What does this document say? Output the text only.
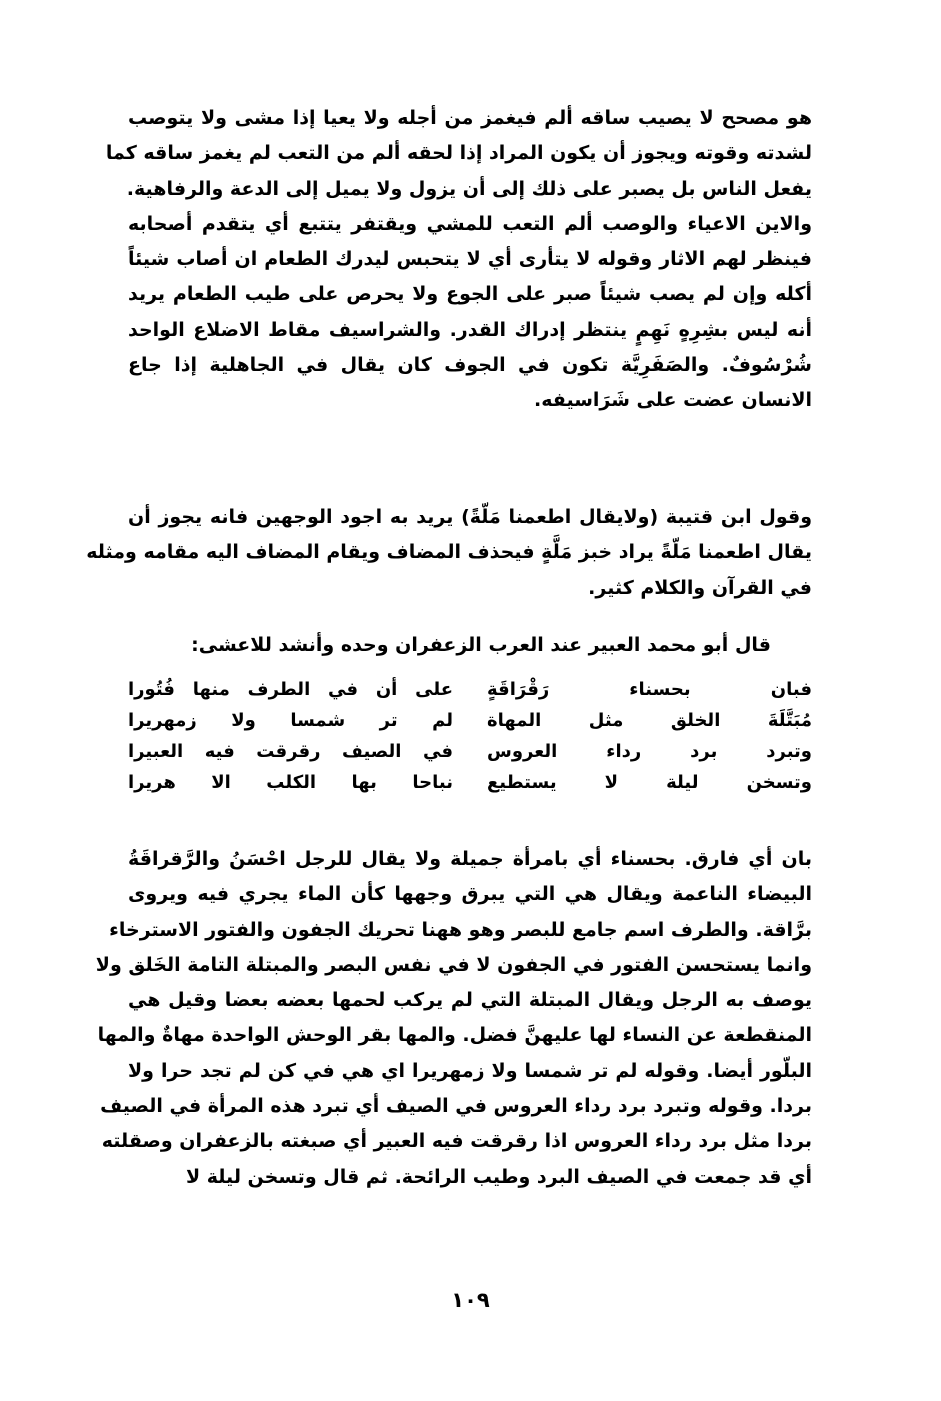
هو مصحح لا يصيب ساقه ألم فيغمز من أجله ولا يعيا إذا مشى ولا يتوصب
لشدته وقوته ويجوز أن يكون المراد إذا لحقه ألم من التعب لم يغمز ساقه كما
يفعل الناس بل يصبر على ذلك إلى أن يزول ولا يميل إلى الدعة والرفاهية.
والاين الاعياء والوصب ألم التعب للمشي ويقتفر يتتبع أي يتقدم أصحابه
فينظر لهم الاثار وقوله لا يتأرى أي لا يتحبس ليدرك الطعام ان أصاب شيئاً
أكله وإن لم يصب شيئاً صبر على الجوع ولا يحرص على طيب الطعام يريد
أنه ليس بشِرِهٍ نَهِمٍ ينتظر إدراك القدر. والشراسيف مقاط الاضلاع الواحد
شُرْسُوفٌ. والصَفَرِيَّة تكون في الجوف كان يقال في الجاهلية إذا جاع
الانسان عضت على شَرَاسيفه.
وقول ابن قتيبة (ولايقال اطعمنا مَلّةً) يريد به اجود الوجهين فانه يجوز أن
يقال اطعمنا مَلّةً يراد خبز مَلَّةٍ فيحذف المضاف ويقام المضاف اليه مقامه ومثله
في القرآن والكلام كثير.
قال أبو محمد العبير عند العرب الزعفران وحده وأنشد للاعشى:
فبان بحسناء رَقْرَاقَةٍ
على أن في الطرف منها فُتُورا
مُبَتَّلَةَ الخلق مثل المهاة
لم تر شمسا ولا زمهريرا
وتبرد برد رداء العروس
في الصيف رقرقت فيه العبيرا
وتسخن ليلة لا يستطيع
نباحا بها الكلب الا هريرا
بان أي فارق. بحسناء أي بامرأة جميلة ولا يقال للرجل احْسَنُ والرَّقراقَةُ
البيضاء الناعمة ويقال هي التي يبرق وجهها كأن الماء يجري فيه ويروى
برَّاقة. والطرف اسم جامع للبصر وهو ههنا تحريك الجفون والفتور الاسترخاء
وانما يستحسن الفتور في الجفون لا في نفس البصر والمبتلة التامة الخَلق ولا
يوصف به الرجل ويقال المبتلة التي لم يركب لحمها بعضه بعضا وقيل هي
المنقطعة عن النساء لها عليهنَّ فضل. والمها بقر الوحش الواحدة مهاةٌ والمها
البلّور أيضا. وقوله لم تر شمسا ولا زمهريرا اي هي في كن لم تجد حرا ولا
بردا. وقوله وتبرد برد رداء العروس في الصيف أي تبرد هذه المرأة في الصيف
بردا مثل برد رداء العروس اذا رقرقت فيه العبير أي صبغته بالزعفران وصقلته
أي قد جمعت في الصيف البرد وطيب الرائحة. ثم قال وتسخن ليلة لا
١٠٩
